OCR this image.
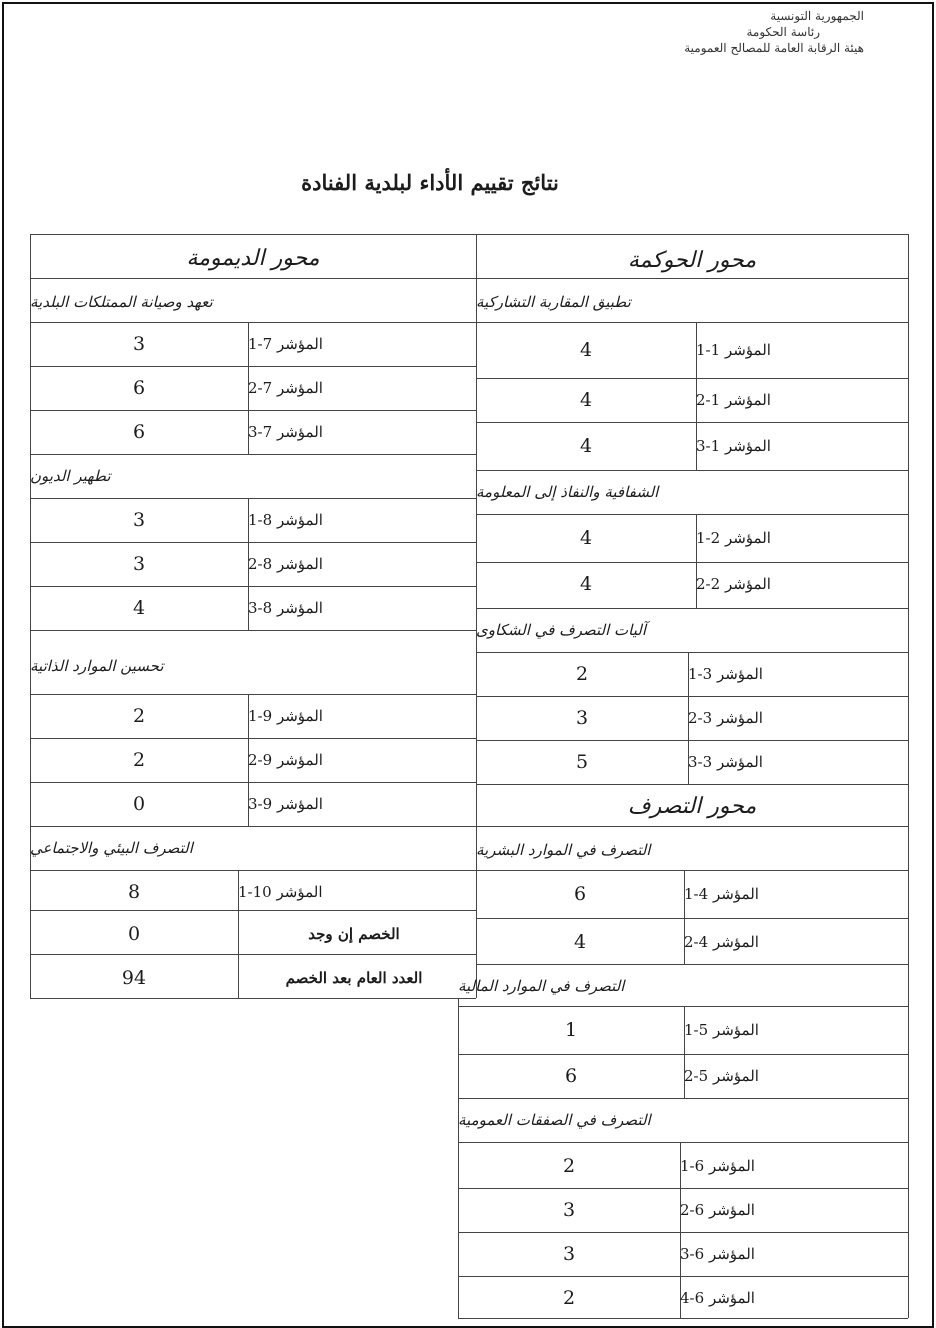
الجمهورية التونسية
رئاسة الحكومة
هيئة الرقابة العامة للمصالح العمومية
نتائج تقييم الأداء لبلدية الفنادة
محور الحوكمة
تطبيق المقاربة التشاركية
المؤشر 1-1
4
المؤشر 1-2
4
المؤشر 1-3
4
الشفافية والنفاذ إلى المعلومة
المؤشر 2-1
4
المؤشر 2-2
4
آليات التصرف في الشكاوى
المؤشر 3-1
2
المؤشر 3-2
3
المؤشر 3-3
5
محور التصرف
التصرف في الموارد البشرية
المؤشر 4-1
6
المؤشر 4-2
4
التصرف في الموارد المالية
المؤشر 5-1
1
المؤشر 5-2
6
التصرف في الصفقات العمومية
المؤشر 6-1
2
المؤشر 6-2
3
المؤشر 6-3
3
المؤشر 6-4
2
محور الديمومة
تعهد وصيانة الممتلكات البلدية
المؤشر 7-1
3
المؤشر 7-2
6
المؤشر 7-3
6
تطهير الديون
المؤشر 8-1
3
المؤشر 8-2
3
المؤشر 8-3
4
تحسين الموارد الذاتية
المؤشر 9-1
2
المؤشر 9-2
2
المؤشر 9-3
0
التصرف البيئي والاجتماعي
المؤشر 10-1
8
الخصم إن وجد
0
العدد العام بعد الخصم
94
